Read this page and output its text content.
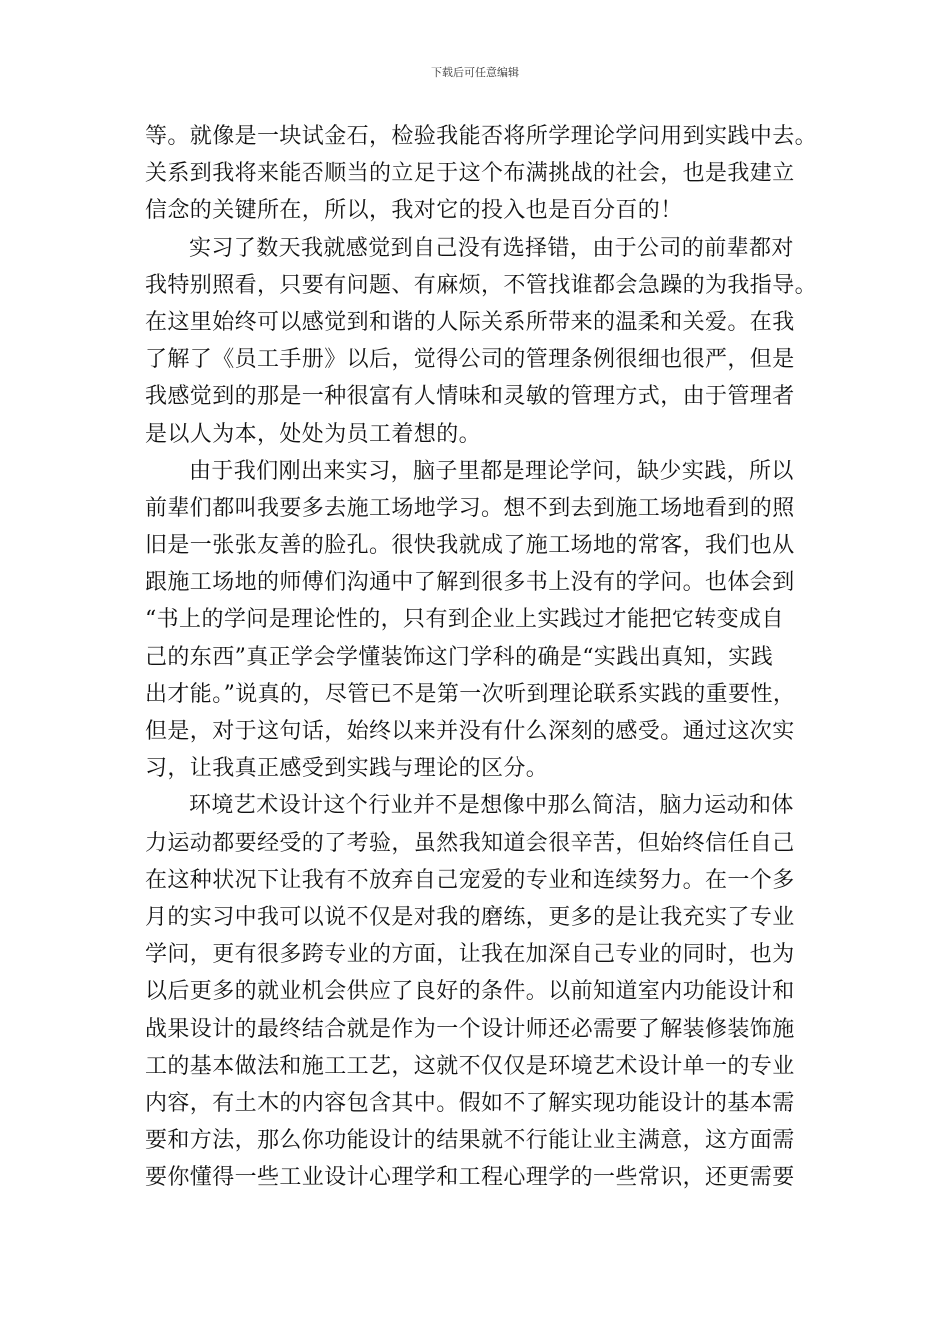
下载后可任意编辑
等。就像是一块试金石，检验我能否将所学理论学问用到实践中去。
关系到我将来能否顺当的立足于这个布满挑战的社会，也是我建立
信念的关键所在，所以，我对它的投入也是百分百的！
实习了数天我就感觉到自己没有选择错，由于公司的前辈都对
我特别照看，只要有问题、有麻烦，不管找谁都会急躁的为我指导。
在这里始终可以感觉到和谐的人际关系所带来的温柔和关爱。在我
了解了《员工手册》以后，觉得公司的管理条例很细也很严，但是
我感觉到的那是一种很富有人情味和灵敏的管理方式，由于管理者
是以人为本，处处为员工着想的。
由于我们刚出来实习，脑子里都是理论学问，缺少实践，所以
前辈们都叫我要多去施工场地学习。想不到去到施工场地看到的照
旧是一张张友善的脸孔。很快我就成了施工场地的常客，我们也从
跟施工场地的师傅们沟通中了解到很多书上没有的学问。也体会到
“书上的学问是理论性的，只有到企业上实践过才能把它转变成自
己的东西”真正学会学懂装饰这门学科的确是“实践出真知，实践
出才能。”说真的，尽管已不是第一次听到理论联系实践的重要性，
但是，对于这句话，始终以来并没有什么深刻的感受。通过这次实
习，让我真正感受到实践与理论的区分。
环境艺术设计这个行业并不是想像中那么简洁，脑力运动和体
力运动都要经受的了考验，虽然我知道会很辛苦，但始终信任自己
在这种状况下让我有不放弃自己宠爱的专业和连续努力。在一个多
月的实习中我可以说不仅是对我的磨练，更多的是让我充实了专业
学问，更有很多跨专业的方面，让我在加深自己专业的同时，也为
以后更多的就业机会供应了良好的条件。以前知道室内功能设计和
战果设计的最终结合就是作为一个设计师还必需要了解装修装饰施
工的基本做法和施工工艺，这就不仅仅是环境艺术设计单一的专业
内容，有土木的内容包含其中。假如不了解实现功能设计的基本需
要和方法，那么你功能设计的结果就不行能让业主满意，这方面需
要你懂得一些工业设计心理学和工程心理学的一些常识，还更需要
